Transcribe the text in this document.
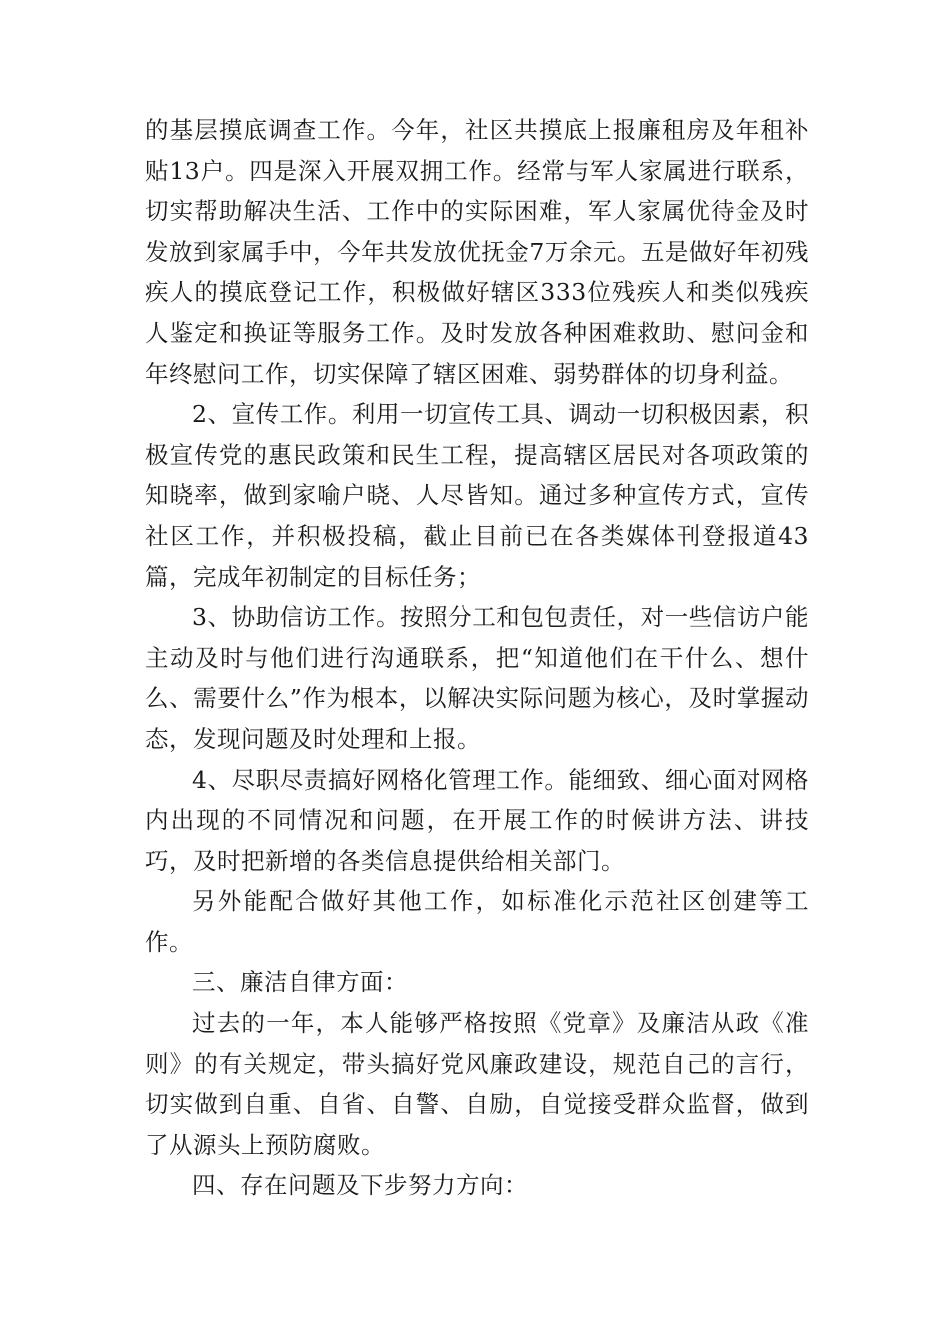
的基层摸底调查工作。今年，社区共摸底上报廉租房及年租补贴13户。四是深入开展双拥工作。经常与军人家属进行联系，切实帮助解决生活、工作中的实际困难，军人家属优待金及时发放到家属手中，今年共发放优抚金7万余元。五是做好年初残疾人的摸底登记工作，积极做好辖区333位残疾人和类似残疾人鉴定和换证等服务工作。及时发放各种困难救助、慰问金和年终慰问工作，切实保障了辖区困难、弱势群体的切身利益。

2、宣传工作。利用一切宣传工具、调动一切积极因素，积极宣传党的惠民政策和民生工程，提高辖区居民对各项政策的知晓率，做到家喻户晓、人尽皆知。通过多种宣传方式，宣传社区工作，并积极投稿，截止目前已在各类媒体刊登报道43篇，完成年初制定的目标任务；

3、协助信访工作。按照分工和包包责任，对一些信访户能主动及时与他们进行沟通联系，把“知道他们在干什么、想什么、需要什么”作为根本，以解决实际问题为核心，及时掌握动态，发现问题及时处理和上报。

4、尽职尽责搞好网格化管理工作。能细致、细心面对网格内出现的不同情况和问题，在开展工作的时候讲方法、讲技巧，及时把新增的各类信息提供给相关部门。

另外能配合做好其他工作，如标准化示范社区创建等工作。

三、廉洁自律方面：

过去的一年，本人能够严格按照《党章》及廉洁从政《准则》的有关规定，带头搞好党风廉政建设，规范自己的言行，切实做到自重、自省、自警、自励，自觉接受群众监督，做到了从源头上预防腐败。

四、存在问题及下步努力方向：
